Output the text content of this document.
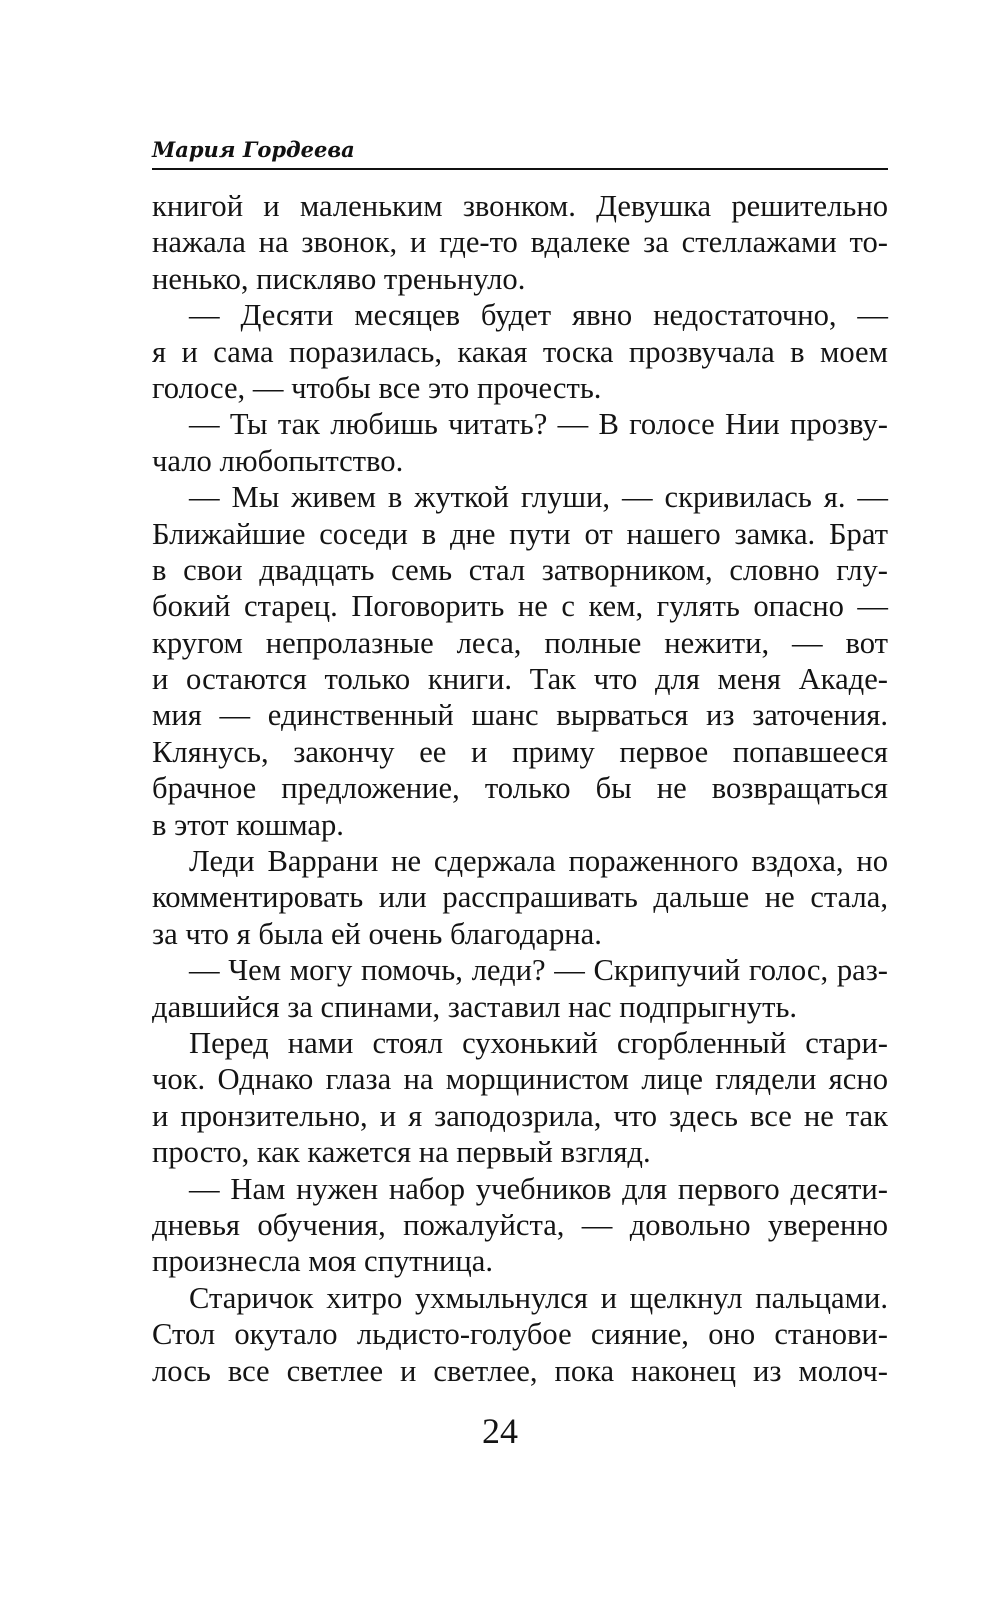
Мария Гордеева
книгой и маленьким звонком. Девушка решительно
нажала на звонок, и где-то вдалеке за стеллажами то-
ненько, пискляво треньнуло.
— Десяти месяцев будет явно недостаточно, —
я и сама поразилась, какая тоска прозвучала в моем
голосе, — чтобы все это прочесть.
— Ты так любишь читать? — В голосе Нии прозву-
чало любопытство.
— Мы живем в жуткой глуши, — скривилась я. —
Ближайшие соседи в дне пути от нашего замка. Брат
в свои двадцать семь стал затворником, словно глу-
бокий старец. Поговорить не с кем, гулять опасно —
кругом непролазные леса, полные нежити, — вот
и остаются только книги. Так что для меня Акаде-
мия — единственный шанс вырваться из заточения.
Клянусь, закончу ее и приму первое попавшееся
брачное предложение, только бы не возвращаться
в этот кошмар.
Леди Варрани не сдержала пораженного вздоха, но
комментировать или расспрашивать дальше не стала,
за что я была ей очень благодарна.
— Чем могу помочь, леди? — Скрипучий голос, раз-
давшийся за спинами, заставил нас подпрыгнуть.
Перед нами стоял сухонький сгорбленный стари-
чок. Однако глаза на морщинистом лице глядели ясно
и пронзительно, и я заподозрила, что здесь все не так
просто, как кажется на первый взгляд.
— Нам нужен набор учебников для первого десяти-
дневья обучения, пожалуйста, — довольно уверенно
произнесла моя спутница.
Старичок хитро ухмыльнулся и щелкнул пальцами.
Стол окутало льдисто-голубое сияние, оно станови-
лось все светлее и светлее, пока наконец из молоч-
24
